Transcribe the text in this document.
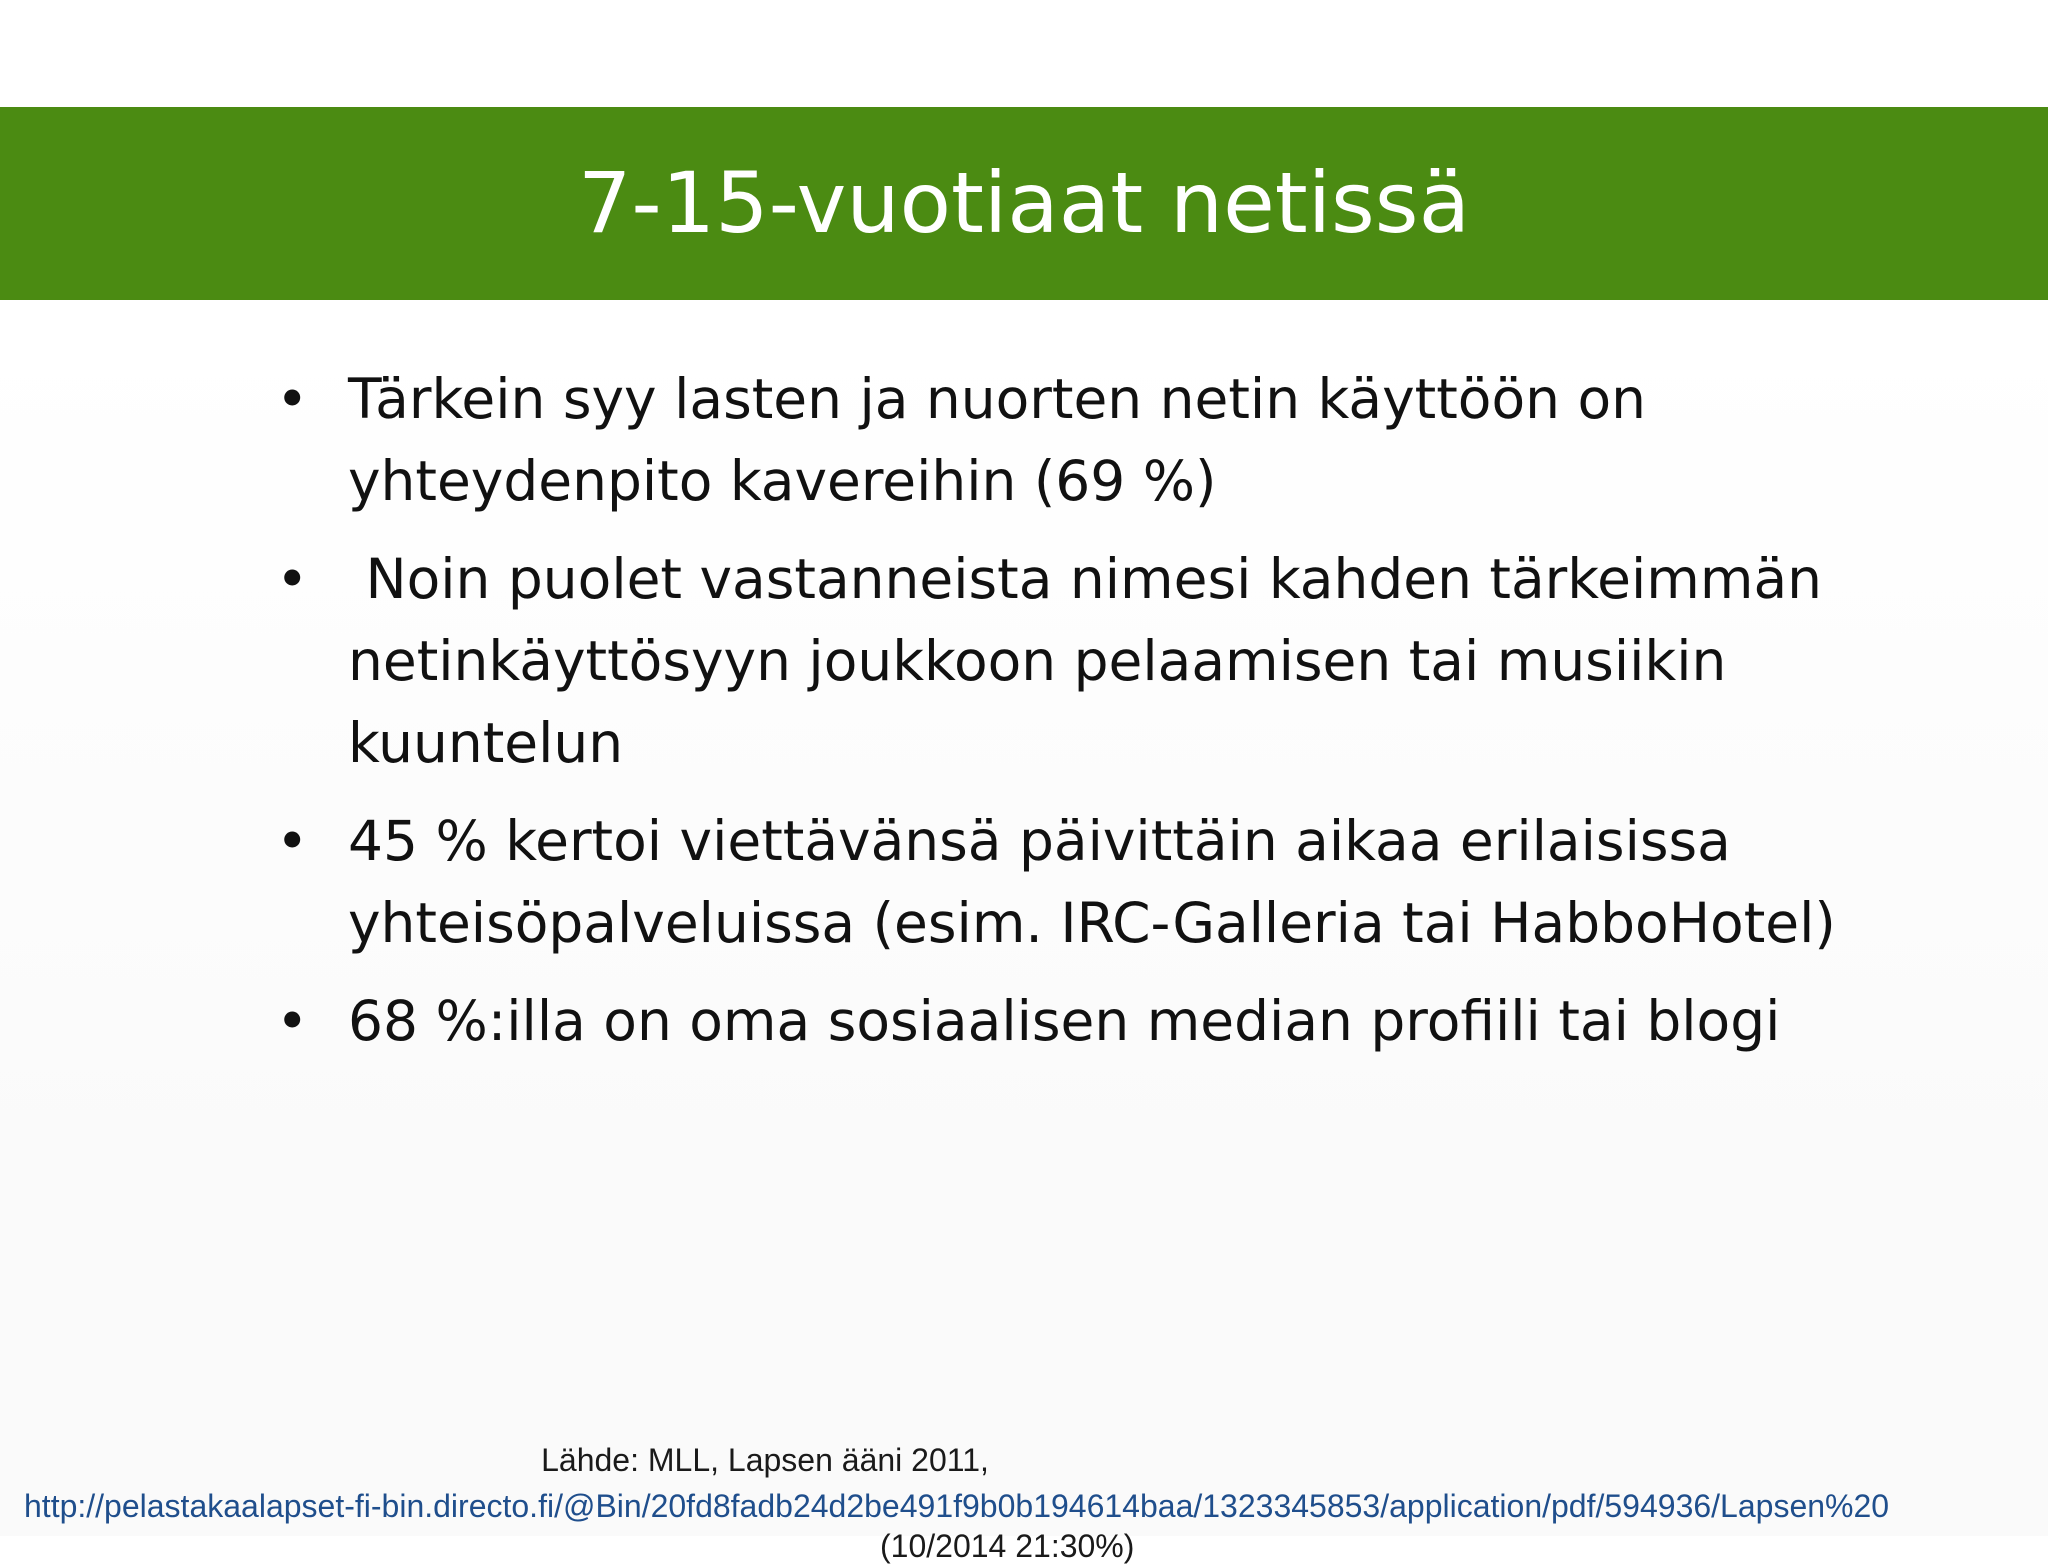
7-15-vuotiaat netissä
• Tärkein syy lasten ja nuorten netin käyttöön on
yhteydenpito kavereihin (69 %)
• Noin puolet vastanneista nimesi kahden tärkeimmän
netinkäyttösyyn joukkoon pelaamisen tai musiikin
kuuntelun
• 45 % kertoi viettävänsä päivittäin aikaa erilaisissa
yhteisöpalveluissa (esim. IRC-Galleria tai HabboHotel)
• 68 %:illa on oma sosiaalisen median profiili tai blogi
Lähde: MLL, Lapsen ääni 2011,
http://pelastakaalapset-fi-bin.directo.fi/@Bin/20fd8fadb24d2be491f9b0b194614baa/1323345853/application/pdf/594936/Lapsen%20
(10/2014 21:30%)
